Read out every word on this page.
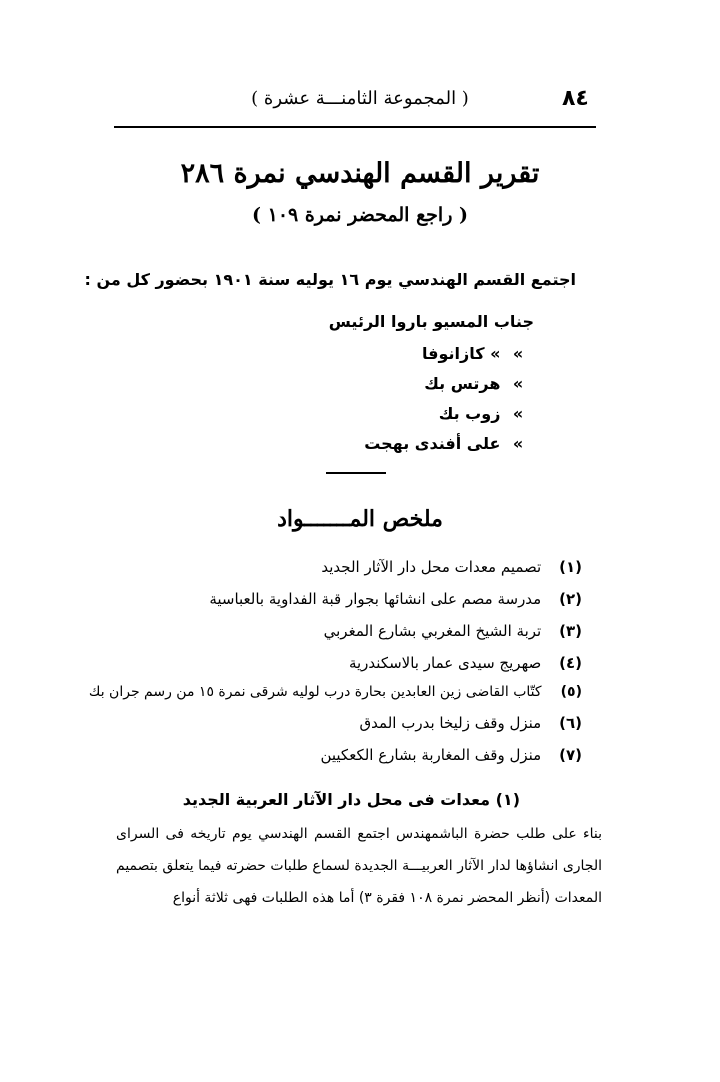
٨٤
( المجموعة الثامنـــة عشرة )
تقرير القسم الهندسي نمرة ٢٨٦
( راجع المحضر نمرة ١٠٩ )
اجتمع القسم الهندسي يوم ١٦ يوليه سنة ١٩٠١ بحضور كل من :
جناب المسيو باروا الرئيس
» » كازانوفا
» هرتس بك
» زوب بك
» على أفندى بهجت
ملخص المـــــــواد
(١) تصميم معدات محل دار الآثار الجديد
(٢) مدرسة مصم على انشائها بجوار قبة الفداوية بالعباسية
(٣) تربة الشيخ المغربي بشارع المغربي
(٤) صهريج سيدى عمار بالاسكندرية
(٥) كتّاب القاضى زين العابدين بحارة درب لوليه شرقى نمرة ١٥ من رسم جران بك
(٦) منزل وقف زليخا بدرب المدق
(٧) منزل وقف المغاربة بشارع الكعكيين
(١) معدات فى محل دار الآثار العربية الجديد
بناء على طلب حضرة الباشمهندس اجتمع القسم الهندسي يوم تاريخه فى السراى
الجارى انشاؤها لدار الآثار العربيـــة الجديدة لسماع طلبات حضرته فيما يتعلق بتصميم
المعدات (أنظر المحضر نمرة ١٠٨ فقرة ٣) أما هذه الطلبات فهى ثلاثة أنواع
